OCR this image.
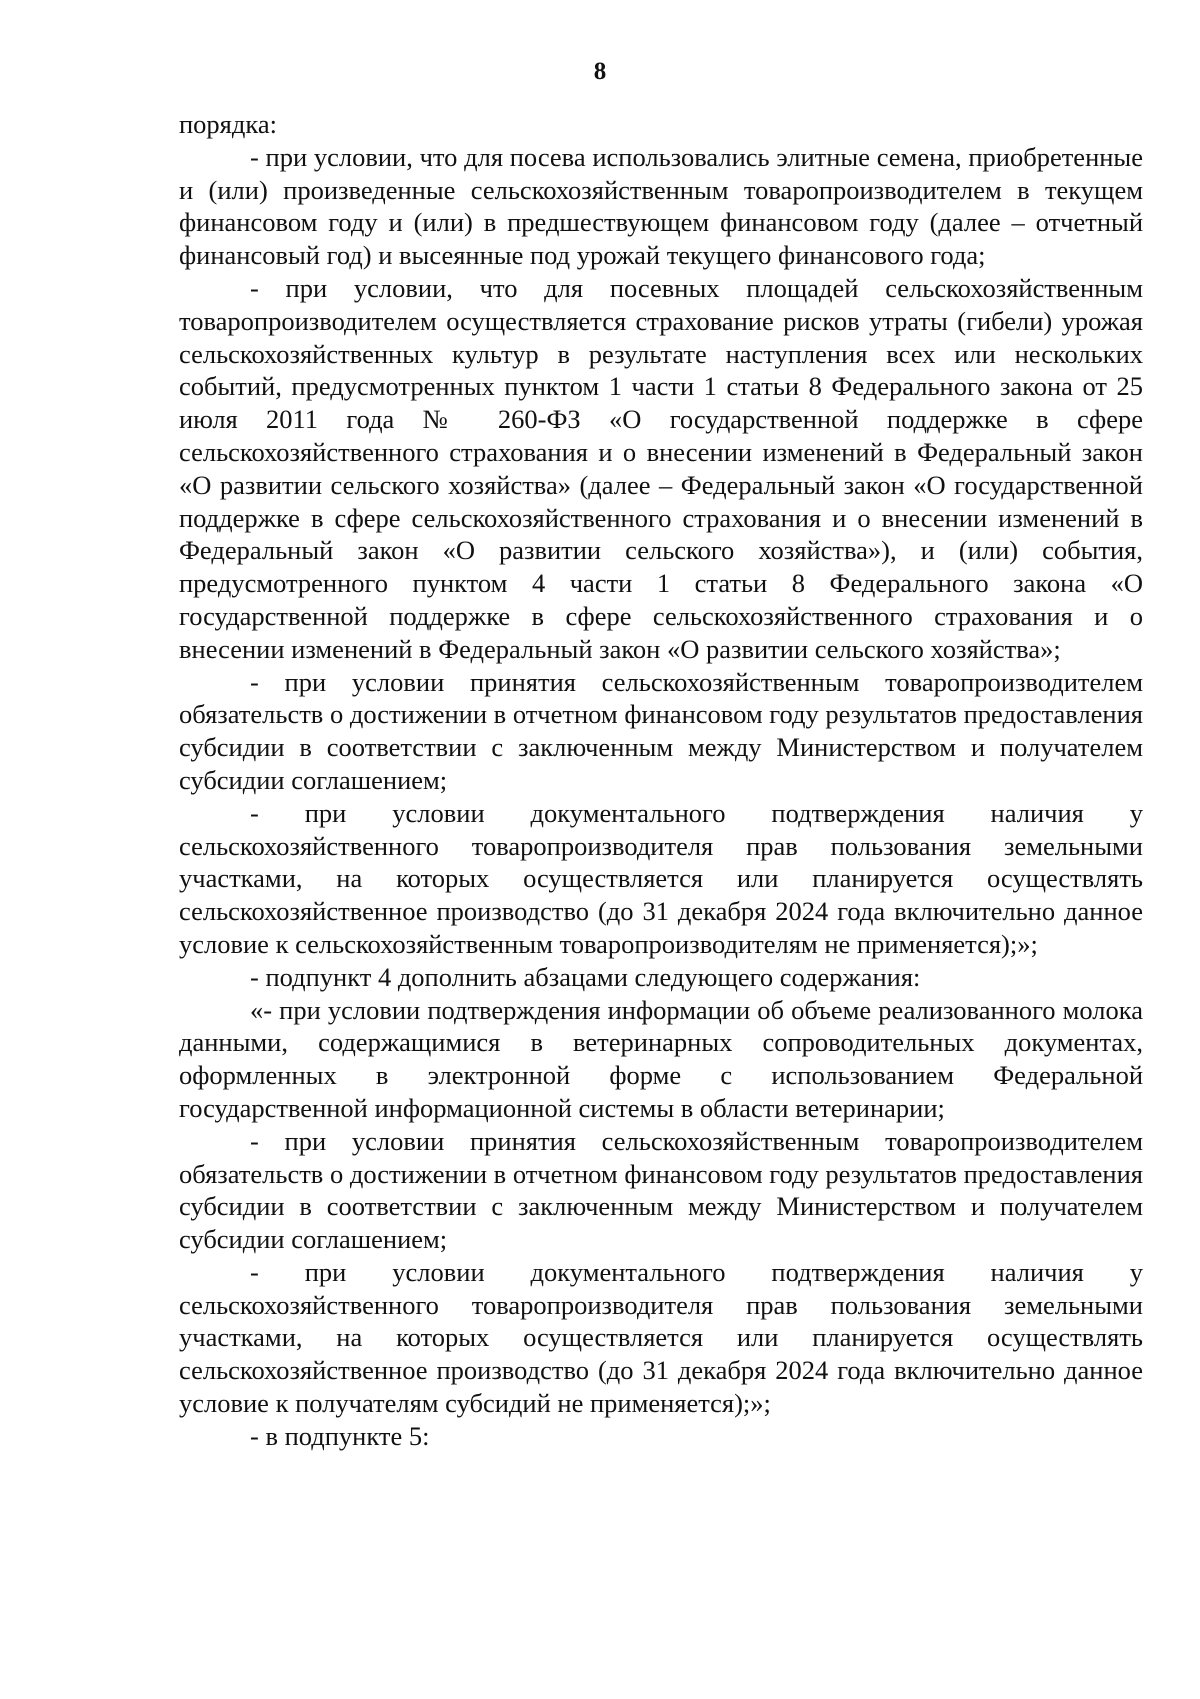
8

порядка:

- при условии, что для посева использовались элитные семена, приобретенные и (или) произведенные сельскохозяйственным товаропроизводителем в текущем финансовом году и (или) в предшествующем финансовом году (далее – отчетный финансовый год) и высеянные под урожай текущего финансового года;

- при условии, что для посевных площадей сельскохозяйственным товаропроизводителем осуществляется страхование рисков утраты (гибели) урожая сельскохозяйственных культур в результате наступления всех или нескольких событий, предусмотренных пунктом 1 части 1 статьи 8 Федерального закона от 25 июля 2011 года № 260-ФЗ «О государственной поддержке в сфере сельскохозяйственного страхования и о внесении изменений в Федеральный закон «О развитии сельского хозяйства» (далее – Федеральный закон «О государственной поддержке в сфере сельскохозяйственного страхования и о внесении изменений в Федеральный закон «О развитии сельского хозяйства»), и (или) события, предусмотренного пунктом 4 части 1 статьи 8 Федерального закона «О государственной поддержке в сфере сельскохозяйственного страхования и о внесении изменений в Федеральный закон «О развитии сельского хозяйства»;

- при условии принятия сельскохозяйственным товаропроизводителем обязательств о достижении в отчетном финансовом году результатов предоставления субсидии в соответствии с заключенным между Министерством и получателем субсидии соглашением;

- при условии документального подтверждения наличия у сельскохозяйственного товаропроизводителя прав пользования земельными участками, на которых осуществляется или планируется осуществлять сельскохозяйственное производство (до 31 декабря 2024 года включительно данное условие к сельскохозяйственным товаропроизводителям не применяется);»;

- подпункт 4 дополнить абзацами следующего содержания:

«- при условии подтверждения информации об объеме реализованного молока данными, содержащимися в ветеринарных сопроводительных документах, оформленных в электронной форме с использованием Федеральной государственной информационной системы в области ветеринарии;

- при условии принятия сельскохозяйственным товаропроизводителем обязательств о достижении в отчетном финансовом году результатов предоставления субсидии в соответствии с заключенным между Министерством и получателем субсидии соглашением;

- при условии документального подтверждения наличия у сельскохозяйственного товаропроизводителя прав пользования земельными участками, на которых осуществляется или планируется осуществлять сельскохозяйственное производство (до 31 декабря 2024 года включительно данное условие к получателям субсидий не применяется);»;

- в подпункте 5:
